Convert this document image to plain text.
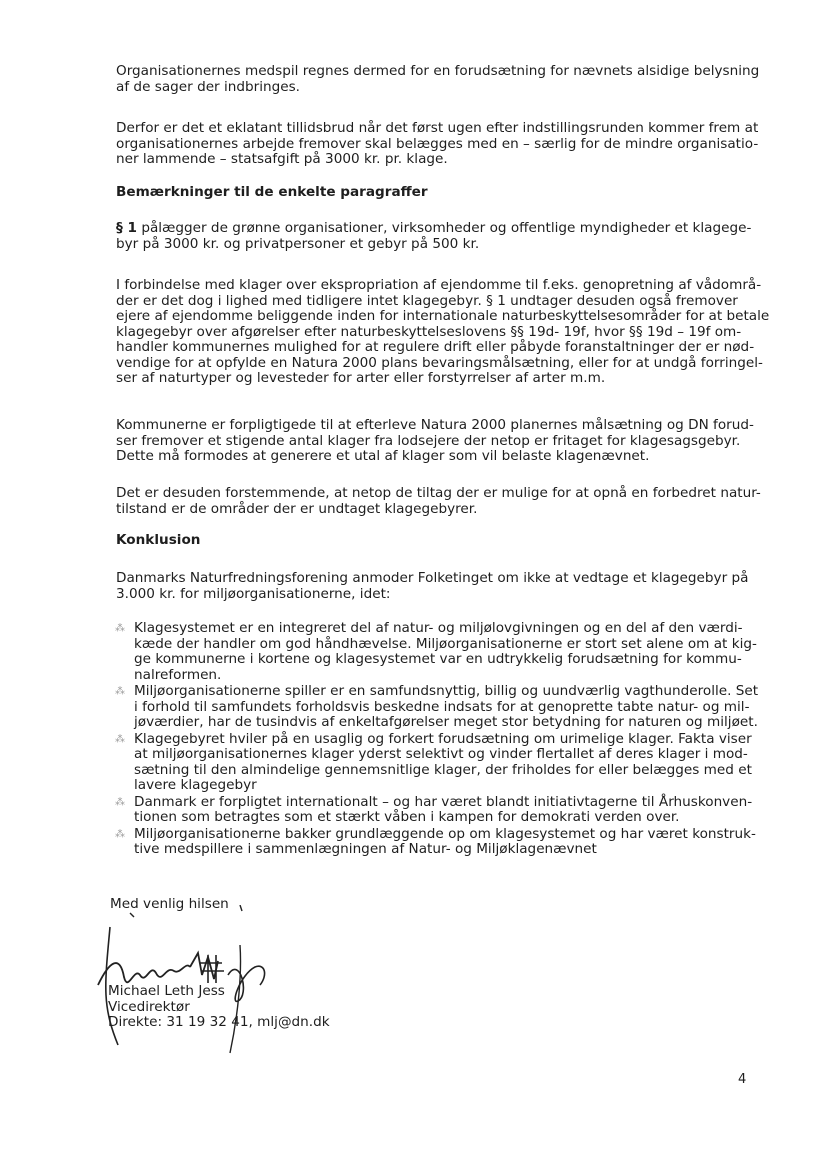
Organisationernes medspil regnes dermed for en forudsætning for nævnets alsidige belysning
af de sager der indbringes.

Derfor er det et eklatant tillidsbrud når det først ugen efter indstillingsrunden kommer frem at
organisationernes arbejde fremover skal belægges med en – særlig for de mindre organisatio-
ner lammende – statsafgift på 3000 kr. pr. klage.

Bemærkninger til de enkelte paragraffer

§ 1 pålægger de grønne organisationer, virksomheder og offentlige myndigheder et klagege-
byr på 3000 kr. og privatpersoner et gebyr på 500 kr.

I forbindelse med klager over ekspropriation af ejendomme til f.eks. genopretning af vådområ-
der er det dog i lighed med tidligere intet klagegebyr. § 1 undtager desuden også fremover
ejere af ejendomme beliggende inden for internationale naturbeskyttelsesområder for at betale
klagegebyr over afgørelser efter naturbeskyttelseslovens §§ 19d- 19f, hvor §§ 19d – 19f om-
handler kommunernes mulighed for at regulere drift eller påbyde foranstaltninger der er nød-
vendige for at opfylde en Natura 2000 plans bevaringsmålsætning, eller for at undgå forringel-
ser af naturtyper og levesteder for arter eller forstyrrelser af arter m.m.

Kommunerne er forpligtigede til at efterleve Natura 2000 planernes målsætning og DN forud-
ser fremover et stigende antal klager fra lodsejere der netop er fritaget for klagesagsgebyr.
Dette må formodes at generere et utal af klager som vil belaste klagenævnet.

Det er desuden forstemmende, at netop de tiltag der er mulige for at opnå en forbedret natur-
tilstand er de områder der er undtaget klagegebyrer.

Konklusion

Danmarks Naturfredningsforening anmoder Folketinget om ikke at vedtage et klagegebyr på
3.000 kr. for miljøorganisationerne, idet:

⁂ Klagesystemet er en integreret del af natur- og miljølovgivningen og en del af den værdi-
kæde der handler om god håndhævelse. Miljøorganisationerne er stort set alene om at kig-
ge kommunerne i kortene og klagesystemet var en udtrykkelig forudsætning for kommu-
nalreformen.
⁂ Miljøorganisationerne spiller er en samfundsnyttig, billig og uundværlig vagthunderolle. Set
i forhold til samfundets forholdsvis beskedne indsats for at genoprette tabte natur- og mil-
jøværdier, har de tusindvis af enkeltafgørelser meget stor betydning for naturen og miljøet.
⁂ Klagegebyret hviler på en usaglig og forkert forudsætning om urimelige klager. Fakta viser
at miljøorganisationernes klager yderst selektivt og vinder flertallet af deres klager i mod-
sætning til den almindelige gennemsnitlige klager, der friholdes for eller belægges med et
lavere klagegebyr
⁂ Danmark er forpligtet internationalt – og har været blandt initiativtagerne til Århuskonven-
tionen som betragtes som et stærkt våben i kampen for demokrati verden over.
⁂ Miljøorganisationerne bakker grundlæggende op om klagesystemet og har været konstruk-
tive medspillere i sammenlægningen af Natur- og Miljøklagenævnet
Med venlig hilsen
Michael Leth Jess
Vicedirektør
Direkte: 31 19 32 41, mlj@dn.dk
4
